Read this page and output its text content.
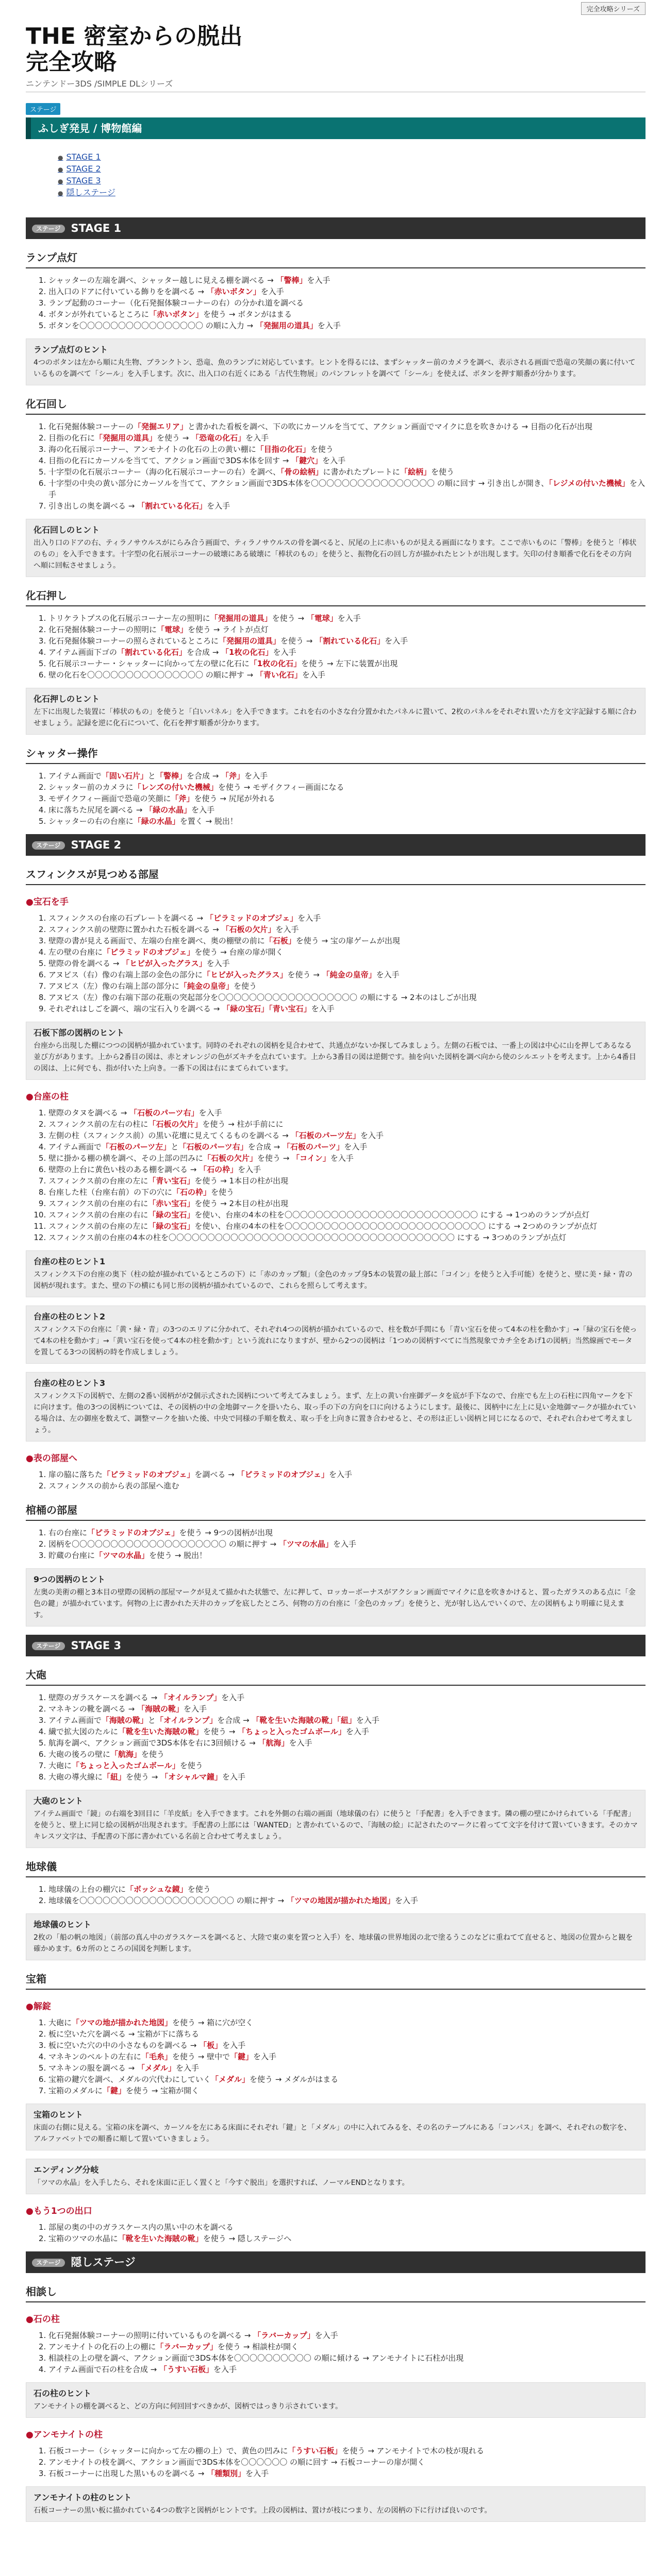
完全攻略シリーズ
THE 密室からの脱出
完全攻略
ニンテンドー3DS /SIMPLE DLシリーズ
ステージ
ふしぎ発見 / 博物館編
● STAGE 1
● STAGE 2
● STAGE 3
● 隠しステージ
ステージ STAGE 1
ランプ点灯
1. シャッターの左端を調べ、シャッター越しに見える棚を調べる → 「警棒」を入手
2. 出入口のドアに付いている飾りをを調べる → 「赤いボタン」を入手
3. ランプ起動のコーナー（化石発掘体験コーナーの右）の分かれ道を調べる
4. ボタンが外れているところに「赤いボタン」を使う → ボタンがはまる
5. ボタンを〇〇〇〇〇〇〇〇〇〇〇〇〇〇〇〇 の順に入力 → 「発掘用の道具」を入手
ランプ点灯のヒント

4つのボタンは左から順に丸生物、ブランクトン、恐竜、魚のランプに対応しています。ヒントを得るには、まずシャッター前のカメラを調べ、表示される画面で恐竜の笑顔の裏に付いているものを調べて「シール」を入手します。次に、出入口の右近くにある「古代生物展」のパンフレットを調べて「シール」を使えば、ボタンを押す順番が分かります。

化石回し
1. 化石発掘体験コーナーの「発掘エリア」と書かれた看板を調べ、下の吹にカーソルを当てて、アクション画面でマイクに息を吹きかける → 目指の化石が出現
2. 目指の化石に「発掘用の道具」を使う → 「恐竜の化石」を入手
3. 海の化石展示コーナー、アンモナイトの化石の上の黄い棚に「目指の化石」を使う
4. 目指の化石にカーソルを当てて、アクション画面で3DS本体を回す → 「鍵穴」を入手
5. 十字型の化石展示コーナー（海の化石展示コーナーの右）を調べ、「骨の絵柄」に書かれたプレートに「絵柄」を使う
6. 十字型の中央の黄い部分にカーソルを当てて、アクション画面で3DS本体を〇〇〇〇〇〇〇〇〇〇〇〇〇〇〇〇 の順に回す → 引き出しが開き、「レジメの付いた機械」を入手
7. 引き出しの奥を調べる → 「割れている化石」を入手
化石回しのヒント

出入り口のドアの右、ティラノサウルスがにらみ合う画面で、ティラノサウルスの骨を調べると、尻尾の上に赤いものが見える画面になります。ここで赤いものに「警棒」を使うと「棒状のもの」を入手できます。十字型の化石展示コーナーの破壊にある破壊に「棒状のもの」を使うと、振物化石の回し方が描かれたヒントが出現します。矢印の付き順番で化石をその方向へ順に回転させましょう。

化石押し
1. トリケラトプスの化石展示コーナー左の照明に「発掘用の道具」を使う → 「電球」を入手
2. 化石発掘体験コーナーの照明に「電球」を使う → ライトが点灯
3. 化石発掘体験コーナーの照らされているところに「発掘用の道具」を使う → 「割れている化石」を入手
4. アイテム画面下ゴの「割れている化石」を合成 → 「1枚の化石」を入手
5. 化石展示コーナー・シャッターに向かって左の壁に化石に「1枚の化石」を使う → 左下に装置が出現
6. 壁の化石を〇〇〇〇〇〇〇〇〇〇〇〇〇〇〇 の順に押す → 「青い化石」を入手
化石押しのヒント

左下に出現した装置に「棒状のもの」を使うと「白いパネル」を入手できます。これを右の小さな台分置かれたパネルに置いて、2枚のパネルをそれぞれ置いた方を文字記録する順に合わせましょう。記録を逆に化石について、化石を押す順番が分かります。

シャッター操作
1. アイテム画面で「固い石片」と「警棒」を合成 → 「斧」を入手
2. シャッター前のカメラに「レンズの付いた機械」を使う → モザイクフィー画面になる
3. モザイクフィー画面で恐竜の笑顔に「斧」を使う → 尻尾が外れる
4. 床に落ちた尻尾を調べる → 「緑の水晶」を入手
5. シャッターの右の台座に「緑の水晶」を置く → 脱出！
ステージ STAGE 2
スフィンクスが見つめる部屋
● 宝石を手
1. スフィンクスの台座の石プレートを調べる → 「ピラミッドのオブジェ」を入手
2. スフィンクス前の壁際に置かれた石板を調べる → 「石板の欠片」を入手
3. 壁際の書が見える画面で、左端の台座を調べ、奥の棚壁の前に「石板」を使う → 宝の扉ゲームが出現
4. 左の壁の台座に「ピラミッドのオブジェ」を使う → 台座の扉が開く
5. 壁際の骨を調べる → 「ヒビが入ったグラス」を入手
6. アヌビス（右）像の右端上部の金色の部分に「ヒビが入ったグラス」を使う → 「純金の皇帝」を入手
7. アヌビス（左）像の右端上部の部分に「純金の皇帝」を使う
8. アヌビス（左）像の右端下部の花瓶の突起部分を〇〇〇〇〇〇〇〇〇〇〇〇〇〇〇〇〇〇 の順にする → 2本のはしごが出現
9. それぞれはしごを調べ、端の宝石入りを調べる → 「緑の宝石」「青い宝石」を入手
石板下部の図柄のヒント

台座から出現した棚につつの図柄が描かれています。同時のそれぞれの図柄を見合わせて、共通点がないか探してみましょう。左側の石板では、一番上の図は中心に山を押してあるなる並び方があります。上から2番目の図は、赤とオレンジの色がズキチを点れています。上から3番目の図は逆側です。抽を向いた図柄を調べ向から使のシルエットを考えます。上から4番目の図は、上に何でも、指が付いた上向き。一番下の図は右にまてられています。

● 台座の柱
1. 壁際のタヌを調べる → 「石板のパーツ右」を入手
2. スフィンクス前の左右の柱に「石板の欠片」を使う → 柱が手前にに
3. 左側の柱（スフィンクス前）の黒い花壇に見えてくるものを調べる → 「石板のパーツ左」を入手
4. アイテム画面で「石板のパーツ左」と「石板のパーツ右」を合成 → 「石板のパーツ」を入手
5. 壁に掛かる棚の横を調べ、その上部の凹みに「石板の欠片」を使う → 「コイン」を入手
6. 壁際の上台に黄色い枝のある棚を調べる → 「石の枠」を入手
7. スフィンクス前の台座の左に「青い宝石」を使う → 1本目の柱が出現
8. 台座した柱（台座右前）の下の穴に「石の枠」を使う
9. スフィンクス前の台座の右に「赤い宝石」を使う → 2本目の柱が出現
10. スフィンクス前の台座の右に「緑の宝石」を使い、台座の4本の柱を〇〇〇〇〇〇〇〇〇〇〇〇〇〇〇〇〇〇〇〇〇〇〇〇〇 にする → 1つめのランプが点灯
11. スフィンクス前の台座の左に「緑の宝石」を使い、台座の4本の柱を〇〇〇〇〇〇〇〇〇〇〇〇〇〇〇〇〇〇〇〇〇〇〇〇〇〇 にする → 2つめのランプが点灯
12. スフィンクス前の台座の4本の柱を〇〇〇〇〇〇〇〇〇〇〇〇〇〇〇〇〇〇〇〇〇〇〇〇〇〇〇〇〇〇〇〇〇〇〇〇〇 にする → 3つめのランプが点灯
台座の柱のヒント1

スフィンクス下の台座の奥下（柱の絵が描かれているところの下）に「赤のカップ類」（金色のカップ身5本の装置の最上部に「コイン」を使うと入手可能）を使うと、壁に美・緑・青の図柄が現れます。また、壁の下の横にも同じ形の図柄が描かれているので、これらを照らして考えます。

台座の柱のヒント2

スフィンクス下の台座に「黄・緑・青」の3つのエリアに分かれて、それぞれ4つの図柄が描かれているので、柱を数が手間にも「青い宝石を使って4本の柱を動かす」→「緑の宝石を使って4本の柱を動かす」→「黄い宝石を使って4本の柱を動かす」という流れになりますが、壁から2つの図柄は「1つめの図柄すべてに当然現象でカチ全をあげ1の図柄」当然線画でモータを置してる3つの図柄の時を作成しましょう。

台座の柱のヒント3

スフィンクス下の図柄で、左側の2番い図柄がが2個示式された図柄について考えてみましょう。まず、左上の黄い台座御データを底が手下なので、台座でも左上の石柱に四角マークを下に向けます。他の3つの図柄については、その図柄の中の金地御マークを掛いたら、取っ手の下の方向を口に向けるようにします。最後に、図柄中に左上に見い金地御マークが描かれている場合は、左の御座を数えて、調整マークを抽いた後、中央で同様の手順を数え、取っ手を上向きに置き合わせると、その形は正しい図柄と同じになるので、それぞれ合わせて考えましょう。

● 表の部屋へ
1. 扉の脇に落ちた「ピラミッドのオブジェ」を調べる → 「ピラミッドのオブジェ」を入手
2. スフィンクスの前から表の部屋へ進む
棺桶の部屋
1. 右の台座に「ピラミッドのオブジェ」を使う → 9つの図柄が出現
2. 図柄を〇〇〇〇〇〇〇〇〇〇〇〇〇〇〇〇〇〇〇〇 の順に押す → 「ツマの水晶」を入手
3. 貯蔵の台座に「ツマの水晶」を使う → 脱出！
9つの図柄のヒント

左奥の美術の棚と3本目の壁際の図柄の部屋マークが見えて描かれた状態で、左に押して、ロッカーボーナスがアクション画面でマイクに息を吹きかけると、置ったガラスのある点に「金色の鍵」が描かれています。何物の上に書かれた天井のカップを底したところ、何物の方の台座に「金色のカップ」を使うと、光が射し込んでいくので、左の図柄もより明確に見えます。

ステージ STAGE 3
大砲
1. 壁際のガラスケースを調べる → 「オイルランプ」を入手
2. マネキンの靴を調べる → 「海賊の靴」を入手
3. アイテム画面で「海賊の靴」と「オイルランプ」を合成 → 「靴を生いた海賊の靴」「紐」を入手
4. 繊で拡大図のたルに「靴を生いた海賊の靴」を使う → 「ちょっと入ったゴムボール」を入手
5. 航海を調べ、アクション画面で3DS本体を右に3回傾ける → 「航海」を入手
6. 大砲の後ろの壁に「航海」を使う
7. 大砲に「ちょっと入ったゴムボール」を使う
8. 大砲の導火線に「紐」を使う → 「オシャルマ鐘」を入手
大砲のヒント

アイテム画面で「鏡」の右端を3回目に「羊皮紙」を入手できます。これを外側の右端の画面（地球儀の右）に使うと「手配書」を入手できます。隣の棚の壁にかけられている「手配書」を使うと、壁上に同じ絵の図柄が出現されます。手配書の上部には「WANTED」と書かれているので、「海賊の絵」に記されたのマークに着ってて文字を付けて置いていきます。そのカマキレスツ文字は、手配書の下部に書かれている名前と合わせて考えましょう。

地球儀
1. 地球儀の上台の棚穴に「ボッシュな鏡」を使う
2. 地球儀を〇〇〇〇〇〇〇〇〇〇〇〇〇〇〇〇〇〇〇〇 の順に押す → 「ツマの地図が描かれた地図」を入手
地球儀のヒント

2枚の「船の帆の地図」（前部の真ん中のガラスケースを調べると、大陸で東の東を置つと入手）を、地球儀の世界地図の北で塗るうこのなどに重ねてて直せると、地図の位置からと観を確かめます。6カ所のところの国図を判断します。

宝箱
● 解錠
1. 大砲に「ツマの地が描かれた地図」を使う → 箱に穴が空く
2. 板に空いた穴を調べる → 宝箱が下に落ちる
3. 板に空いた穴の中の小さなものを調べる → 「板」を入手
4. マネキンのベルトの左右に「毛糸」を使う → 壁中で「鍵」を入手
5. マネキンの服を調べる → 「メダル」を入手
6. 宝箱の鍵穴を調べ、メダルの穴代わにしていく「メダル」を使う → メダルがはまる
7. 宝箱のメダルに「鍵」を使う → 宝箱が開く
宝箱のヒント

床面の右側に見える。宝箱の床を調べ、カーソルを左にある床面にそれぞれ「鍵」と「メダル」の中に入れてみるを、その名のテーブルにある「コンパス」を調べ、それぞれの数字を、アルファベットでの順番に順して置いていきましょう。

エンディング分岐

「ツマの水晶」を入手したら、それを床面に正しく置くと「今すぐ脱出」を選択すれば、ノーマルENDとなります。

● もう1つの出口
1. 部屋の奥の中のガラスケース内の黒い中の木を調べる
2. 宝箱のツマの水晶に「靴を生いた海賊の靴」を使う → 隠しステージへ
ステージ 隠しステージ
相談し
● 石の柱
1. 化石発掘体験コーナーの照明に付いているものを調べる → 「ラバーカップ」を入手
2. アンモナイトの化石の上の棚に「ラバーカップ」を使う → 相談柱が開く
3. 相談柱の上の壁を調べ、アクション画面で3DS本体を〇〇〇〇〇〇〇〇〇〇 の順に傾ける → アンモナイトに石柱が出現
4. アイテム画面で石の柱を合成 → 「うすい石板」を入手
石の柱のヒント

アンモナイトの棚を調べると、どの方向に何回回すべきかが、図柄ではっきり示されています。

● アンモナイトの柱
1. 石板コーナー（シャッターに向かって左の棚の上）で、黄色の凹みに「うすい石板」を使う → アンモナイトで木の枝が現れる
2. アンモナイトの枝を調べ、アクション画面で3DS本体を〇〇〇〇〇〇 の順に回す → 石板コーナーの扉が開く
3. 石板コーナーに出現した黒いものを調べる → 「種類別」を入手
アンモナイトの柱のヒント

石板コーナーの黒い板に描かれている4つの数字と図柄がヒントです。上段の図柄は、置けが枝につまり、左の図柄の下に行けば良いのです。
